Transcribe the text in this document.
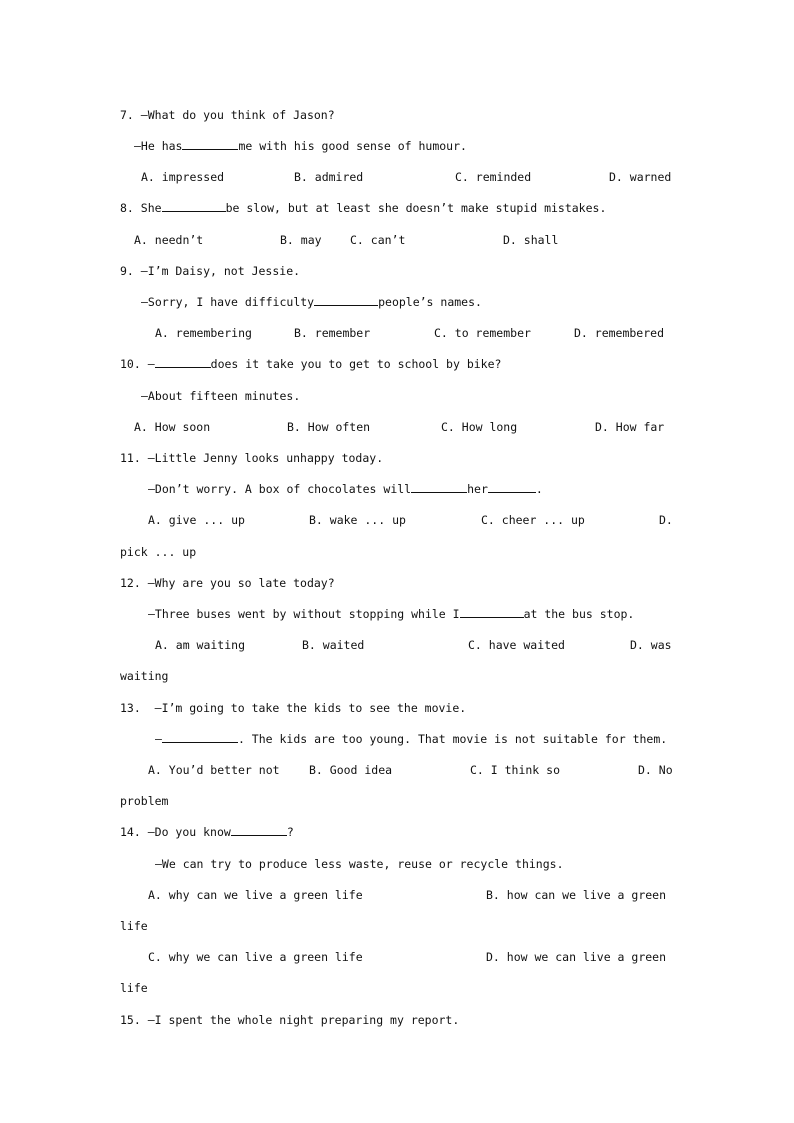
7. —What do you think of Jason?
—He has	me with his good sense of humour.
A. impressed	B. admired	C. reminded	D. warned
8. She	be slow, but at least she doesn’t make stupid mistakes.
A. needn’t	B. may C. can’t	D. shall
9. —I’m Daisy, not Jessie.
—Sorry, I have difficulty	people’s names.
A. remembering	B. remember	C. to remember	D. remembered
10. —	does it take you to get to school by bike?
—About fifteen minutes.
A. How soon	B. How often	C. How long	D. How far
11. —Little Jenny looks unhappy today.
—Don’t worry. A box of chocolates will	her	.
A. give ... up	B. wake ... up	C. cheer ... up	D.
pick ... up
12. —Why are you so late today?
—Three buses went by without stopping while I	at the bus stop.
A. am waiting	B. waited	C. have waited	D. was
waiting
13. —I’m going to take the kids to see the movie.
—	. The kids are too young. That movie is not suitable for them.
A. You’d better not	B. Good idea	C. I think so	D. No
problem
14. —Do you know	?
—We can try to produce less waste, reuse or recycle things.
A. why can we live a green life	B. how can we live a green
life
C. why we can live a green life	D. how we can live a green
life
15. —I spent the whole night preparing my report.
